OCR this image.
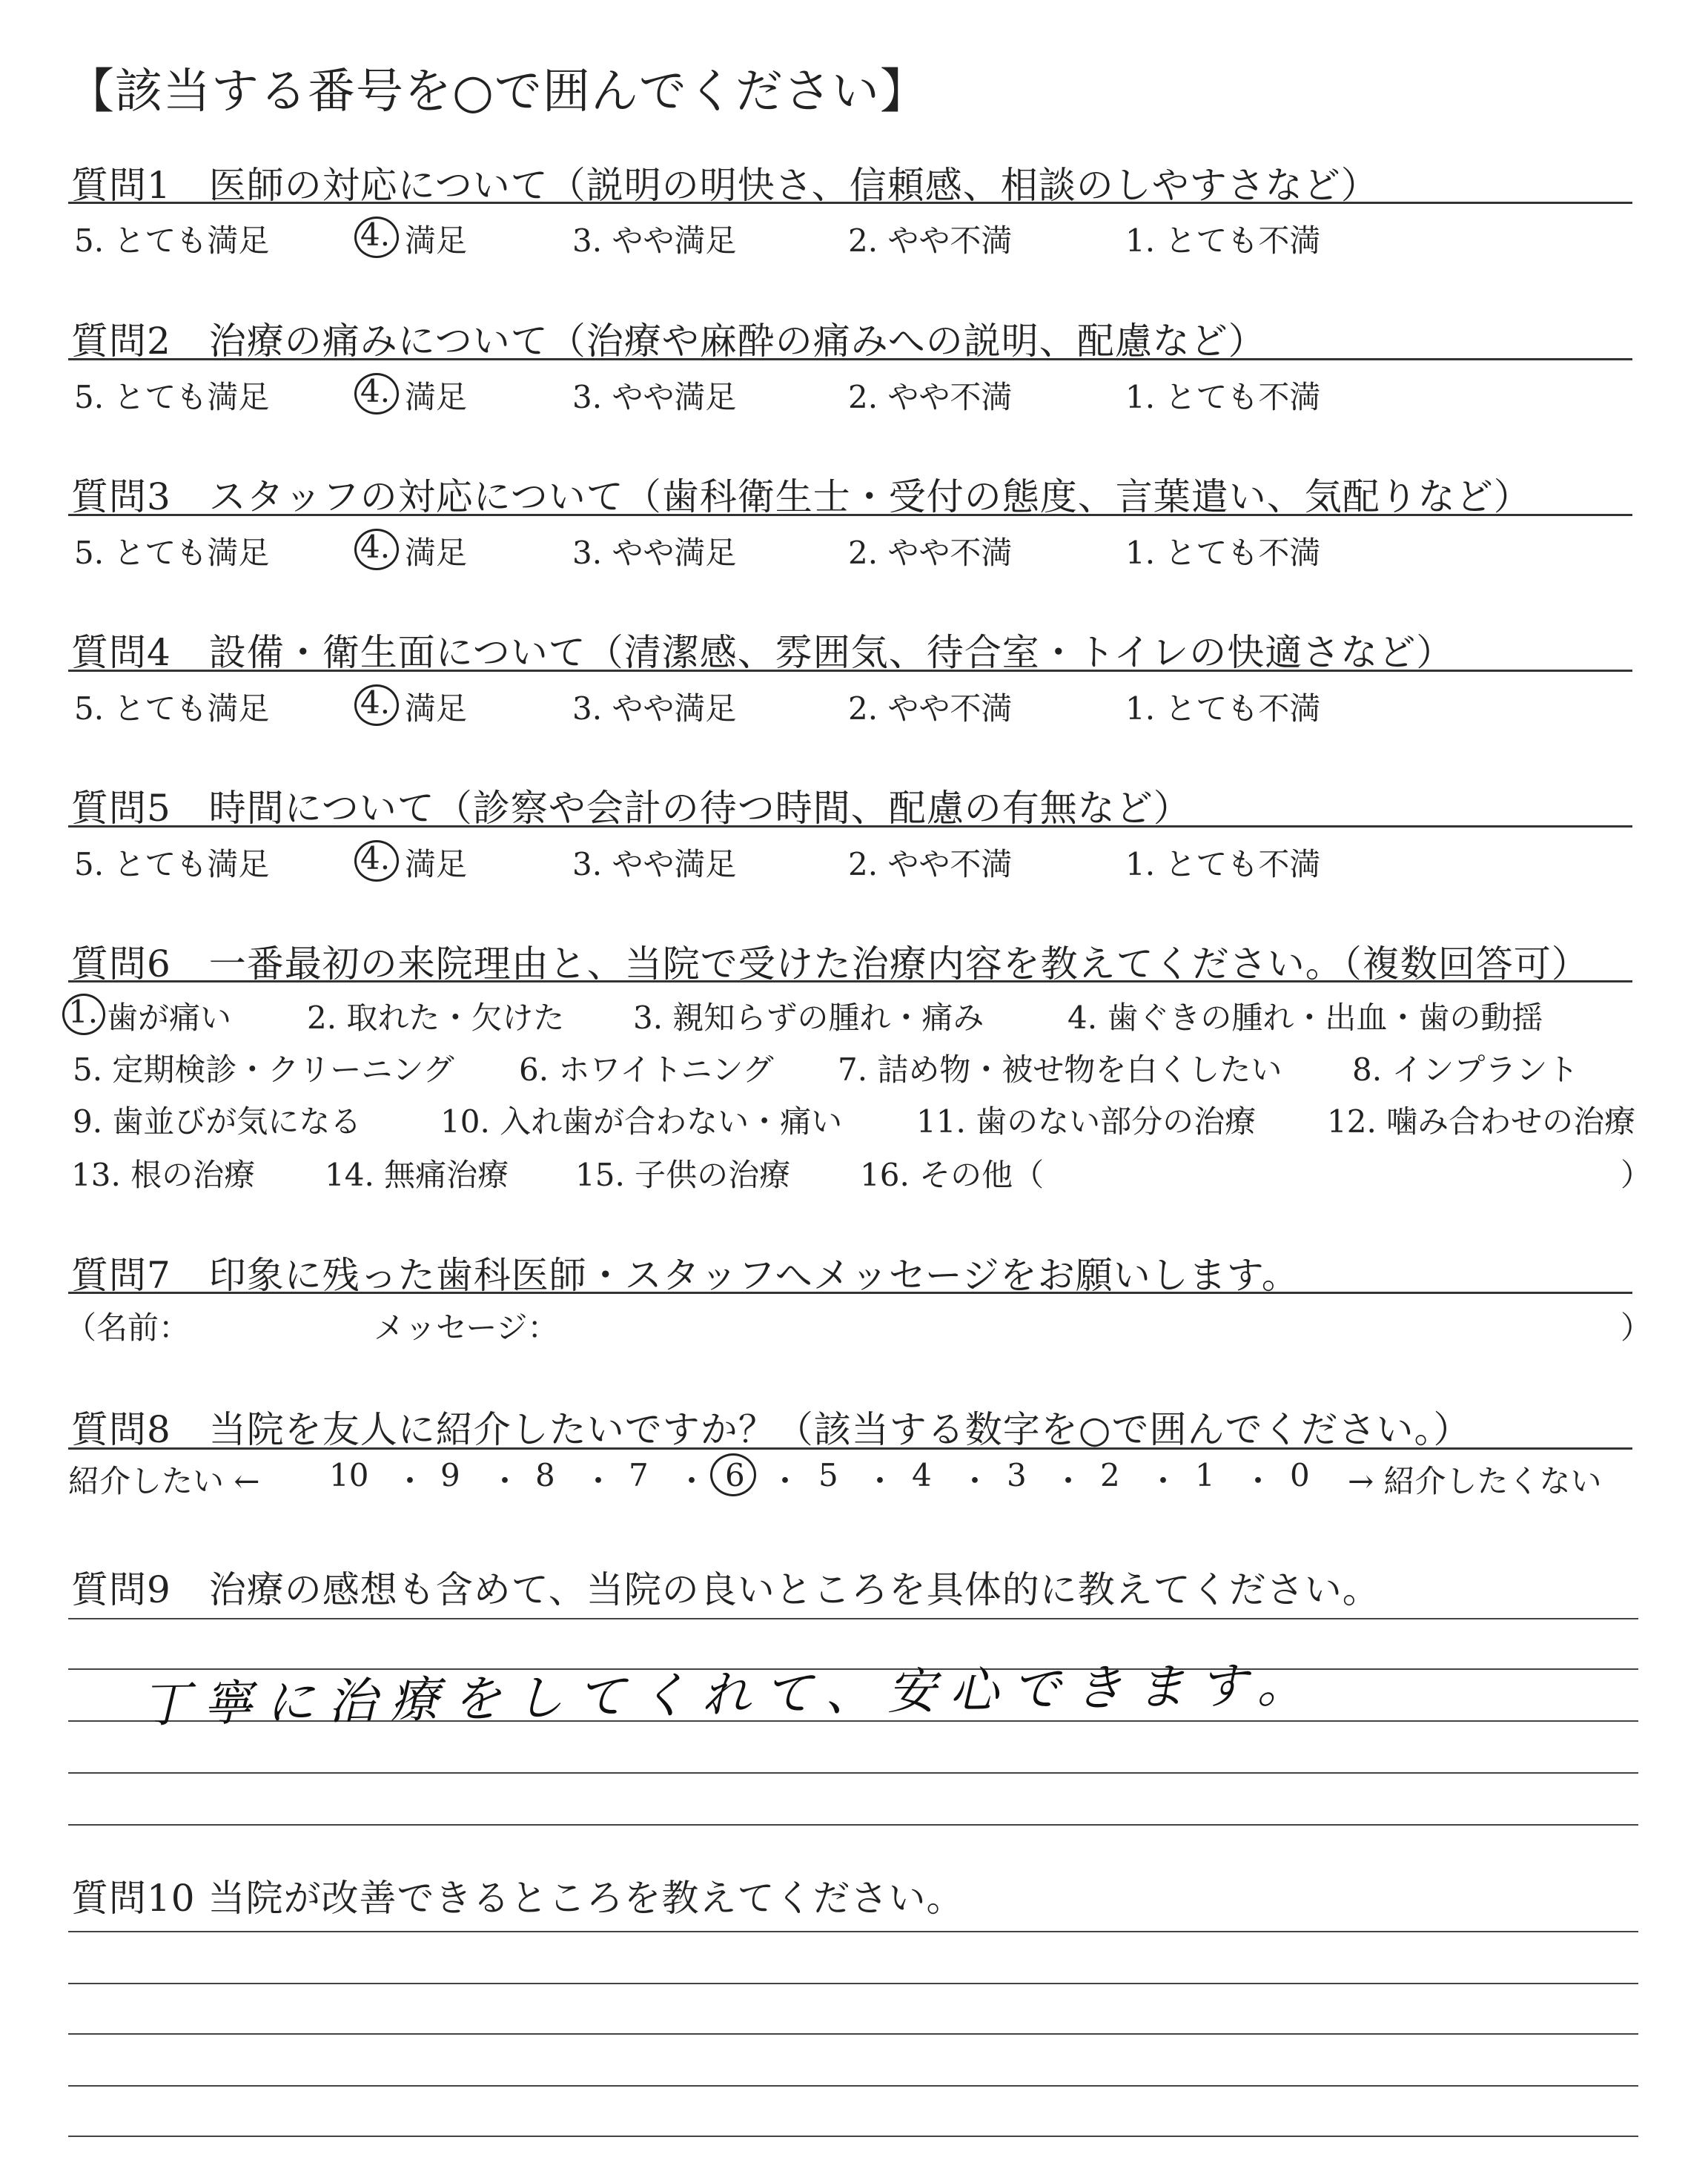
【該当する番号を○で囲んでください】
質問1　医師の対応について（説明の明快さ、信頼感、相談のしやすさなど）
5. とても満足	4. 満足	3. やや満足	2. やや不満	1. とても不満
質問2　治療の痛みについて（治療や麻酔の痛みへの説明、配慮など）
5. とても満足	4. 満足	3. やや満足	2. やや不満	1. とても不満
質問3　スタッフの対応について（歯科衛生士・受付の態度、言葉遣い、気配りなど）
5. とても満足	4. 満足	3. やや満足	2. やや不満	1. とても不満
質問4　設備・衛生面について（清潔感、雰囲気、待合室・トイレの快適さなど）
5. とても満足	4. 満足	3. やや満足	2. やや不満	1. とても不満
質問5　時間について（診察や会計の待つ時間、配慮の有無など）
5. とても満足	4. 満足	3. やや満足	2. やや不満	1. とても不満
質問6　一番最初の来院理由と、当院で受けた治療内容を教えてください。（複数回答可）
1. 歯が痛い 2. 取れた・欠けた 3. 親知らずの腫れ・痛み	4. 歯ぐきの腫れ・出血・歯の動揺
5. 定期検診・クリーニング 6. ホワイトニング 7. 詰め物・被せ物を白くしたい 8. インプラント
9. 歯並びが気になる	10. 入れ歯が合わない・痛い 11. 歯のない部分の治療 12. 噛み合わせの治療
13. 根の治療 14. 無痛治療 15. 子供の治療 16. その他（	）
質問7　印象に残った歯科医師・スタッフへメッセージをお願いします。
（名前：	メッセージ：	）
質問8　当院を友人に紹介したいですか？（該当する数字を○で囲んでください。）
紹介したい ← 10 ・ 9 ・ 8 ・ 7 ・ 6 ・ 5 ・ 4 ・ 3 ・ 2 ・ 1 ・ 0 → 紹介したくない
質問9　治療の感想も含めて、当院の良いところを具体的に教えてください。
丁寧に治療をしてくれて、安心できます。
質問10 当院が改善できるところを教えてください。
